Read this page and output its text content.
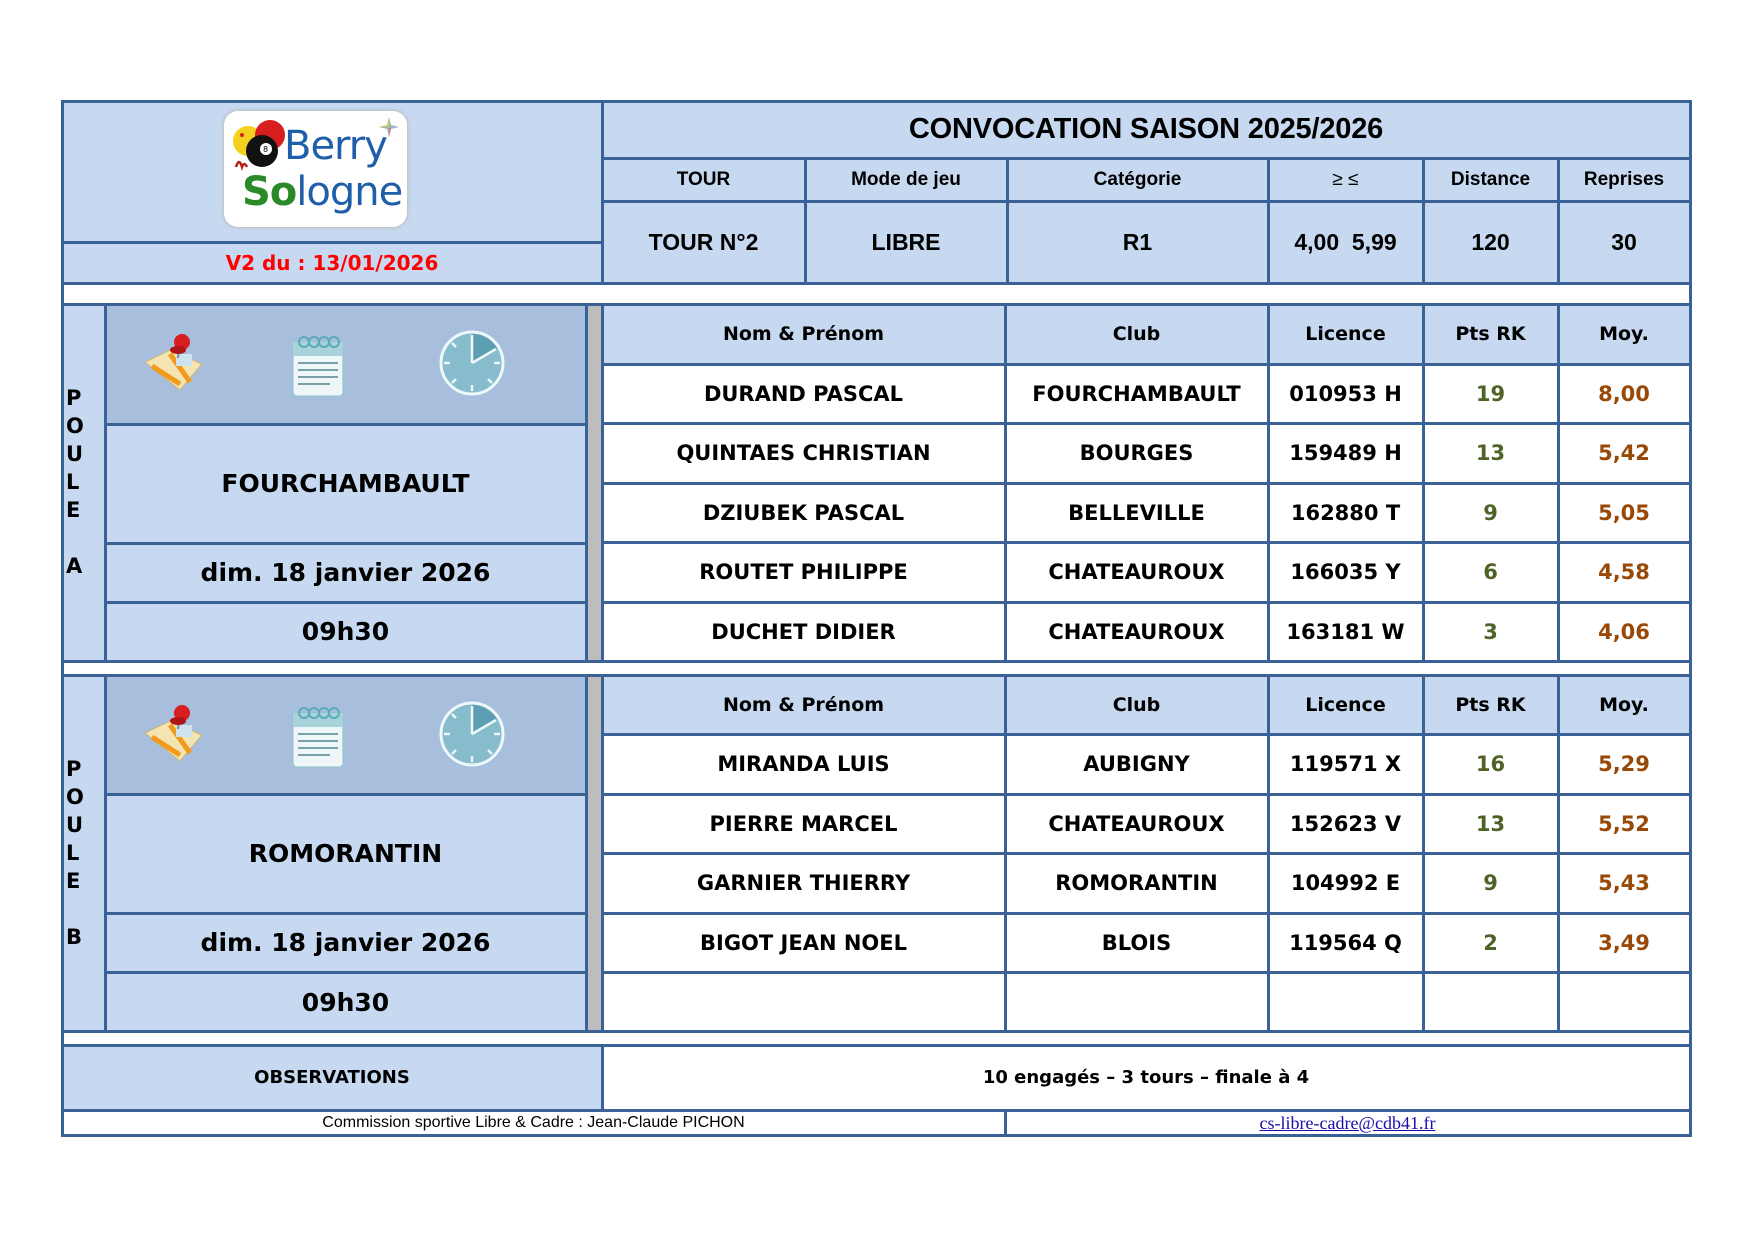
8 Berry
Sologne
V2 du : 13/01/2026
CONVOCATION SAISON 2025/2026
TOUR	Mode de jeu	Catégorie	≥ ≤	Distance	Reprises
TOUR N°2	LIBRE	R1	4,00  5,99	120	30
P
O
U
L
E
A
FOURCHAMBAULT
dim. 18 janvier 2026
09h30
Nom & Prénom	Club	Licence	Pts RK	Moy.
DURAND PASCAL	FOURCHAMBAULT	010953 H	19	8,00
QUINTAES CHRISTIAN	BOURGES	159489 H	13	5,42
DZIUBEK PASCAL	BELLEVILLE	162880 T	9	5,05
ROUTET PHILIPPE	CHATEAUROUX	166035 Y	6	4,58
DUCHET DIDIER	CHATEAUROUX	163181 W	3	4,06
P
O
U
L
E
B
ROMORANTIN
dim. 18 janvier 2026
09h30
Nom & Prénom	Club	Licence	Pts RK	Moy.
MIRANDA LUIS	AUBIGNY	119571 X	16	5,29
PIERRE MARCEL	CHATEAUROUX	152623 V	13	5,52
GARNIER THIERRY	ROMORANTIN	104992 E	9	5,43
BIGOT JEAN NOEL	BLOIS	119564 Q	2	3,49
OBSERVATIONS	10 engagés – 3 tours – finale à 4
Commission sportive Libre & Cadre : Jean-Claude PICHON	cs-libre-cadre@cdb41.fr
